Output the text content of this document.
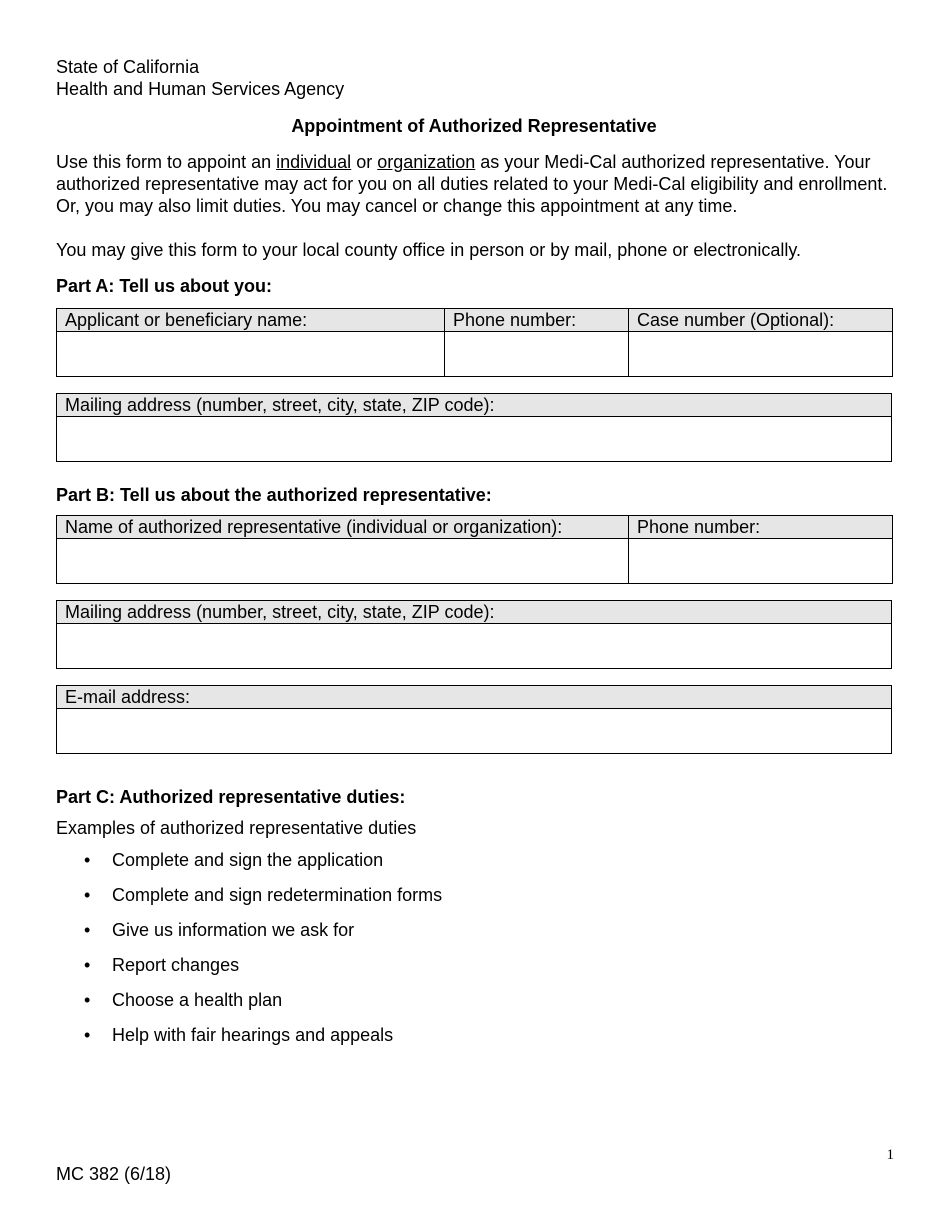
State of California

Health and Human Services Agency

Appointment of Authorized Representative

Use this form to appoint an individual or organization as your Medi-Cal authorized representative. Your authorized representative may act for you on all duties related to your Medi-Cal eligibility and enrollment. Or, you may also limit duties. You may cancel or change this appointment at any time.

You may give this form to your local county office in person or by mail, phone or electronically.

Part A: Tell us about you:

Applicant or beneficiary name:	Phone number:	Case number (Optional):

Mailing address (number, street, city, state, ZIP code):

Part B: Tell us about the authorized representative:

Name of authorized representative (individual or organization):	Phone number:

Mailing address (number, street, city, state, ZIP code):

E-mail address:

Part C: Authorized representative duties:

Examples of authorized representative duties

• Complete and sign the application
• Complete and sign redetermination forms
• Give us information we ask for
• Report changes
• Choose a health plan
• Help with fair hearings and appeals
1
MC 382 (6/18)
